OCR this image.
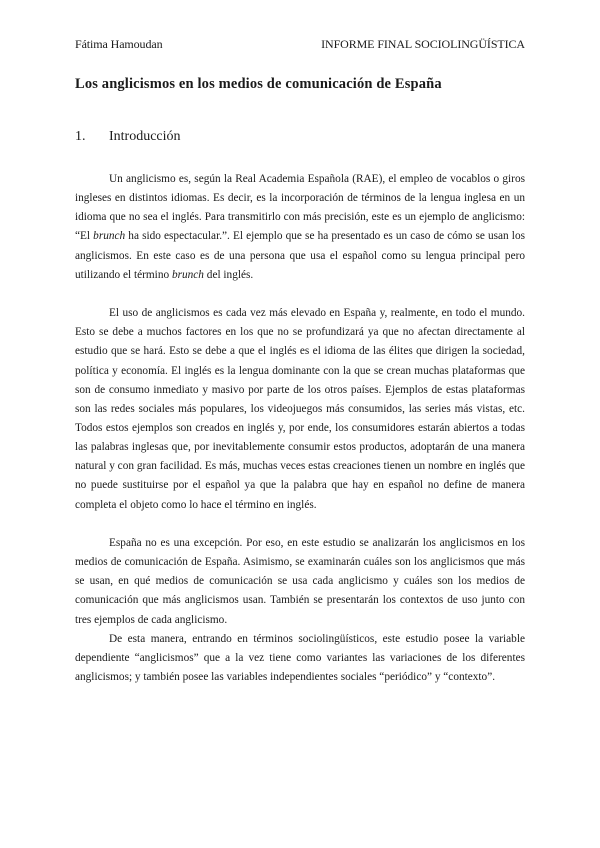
Fátima Hamoudan	INFORME FINAL SOCIOLINGÜÍSTICA
Los anglicismos en los medios de comunicación de España
1. Introducción

Un anglicismo es, según la Real Academia Española (RAE), el empleo de vocablos o giros ingleses en distintos idiomas. Es decir, es la incorporación de términos de la lengua inglesa en un idioma que no sea el inglés. Para transmitirlo con más precisión, este es un ejemplo de anglicismo: “El brunch ha sido espectacular.”. El ejemplo que se ha presentado es un caso de cómo se usan los anglicismos. En este caso es de una persona que usa el español como su lengua principal pero utilizando el término brunch del inglés.

El uso de anglicismos es cada vez más elevado en España y, realmente, en todo el mundo. Esto se debe a muchos factores en los que no se profundizará ya que no afectan directamente al estudio que se hará. Esto se debe a que el inglés es el idioma de las élites que dirigen la sociedad, política y economía. El inglés es la lengua dominante con la que se crean muchas plataformas que son de consumo inmediato y masivo por parte de los otros países. Ejemplos de estas plataformas son las redes sociales más populares, los videojuegos más consumidos, las series más vistas, etc. Todos estos ejemplos son creados en inglés y, por ende, los consumidores estarán abiertos a todas las palabras inglesas que, por inevitablemente consumir estos productos, adoptarán de una manera natural y con gran facilidad. Es más, muchas veces estas creaciones tienen un nombre en inglés que no puede sustituirse por el español ya que la palabra que hay en español no define de manera completa el objeto como lo hace el término en inglés.

España no es una excepción. Por eso, en este estudio se analizarán los anglicismos en los medios de comunicación de España. Asimismo, se examinarán cuáles son los anglicismos que más se usan, en qué medios de comunicación se usa cada anglicismo y cuáles son los medios de comunicación que más anglicismos usan. También se presentarán los contextos de uso junto con tres ejemplos de cada anglicismo.

De esta manera, entrando en términos sociolingüísticos, este estudio posee la variable dependiente “anglicismos” que a la vez tiene como variantes las variaciones de los diferentes anglicismos; y también posee las variables independientes sociales “periódico” y “contexto”.
